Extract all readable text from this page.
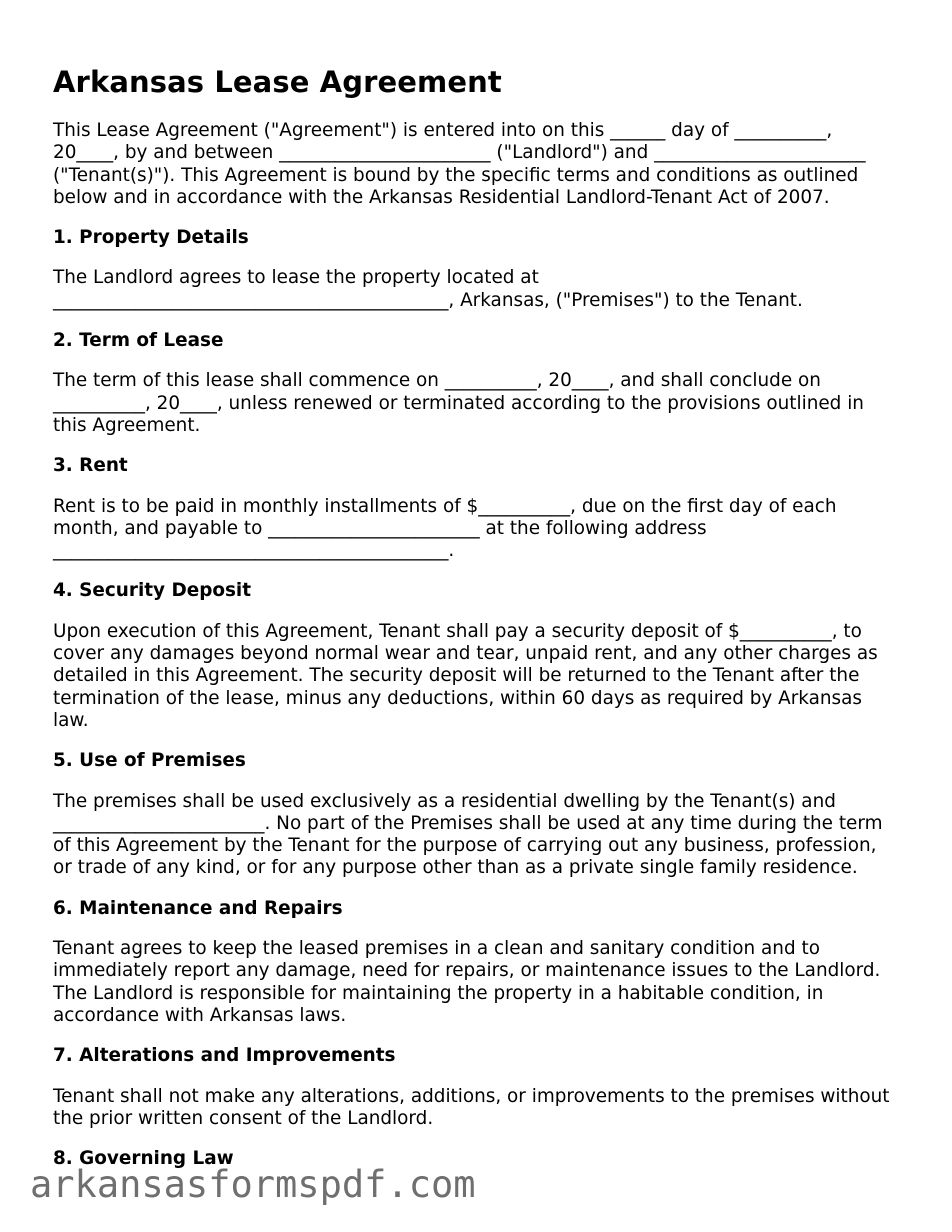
Arkansas Lease Agreement

This Lease Agreement ("Agreement") is entered into on this ______ day of __________,
20____, by and between _______________________ ("Landlord") and _______________________
("Tenant(s)"). This Agreement is bound by the specific terms and conditions as outlined
below and in accordance with the Arkansas Residential Landlord-Tenant Act of 2007.

1. Property Details

The Landlord agrees to lease the property located at
___________________________________________, Arkansas, ("Premises") to the Tenant.

2. Term of Lease

The term of this lease shall commence on __________, 20____, and shall conclude on
__________, 20____, unless renewed or terminated according to the provisions outlined in
this Agreement.

3. Rent

Rent is to be paid in monthly installments of $__________, due on the first day of each
month, and payable to _______________________ at the following address
___________________________________________.

4. Security Deposit

Upon execution of this Agreement, Tenant shall pay a security deposit of $__________, to
cover any damages beyond normal wear and tear, unpaid rent, and any other charges as
detailed in this Agreement. The security deposit will be returned to the Tenant after the
termination of the lease, minus any deductions, within 60 days as required by Arkansas
law.

5. Use of Premises

The premises shall be used exclusively as a residential dwelling by the Tenant(s) and
_______________________. No part of the Premises shall be used at any time during the term
of this Agreement by the Tenant for the purpose of carrying out any business, profession,
or trade of any kind, or for any purpose other than as a private single family residence.

6. Maintenance and Repairs

Tenant agrees to keep the leased premises in a clean and sanitary condition and to
immediately report any damage, need for repairs, or maintenance issues to the Landlord.
The Landlord is responsible for maintaining the property in a habitable condition, in
accordance with Arkansas laws.

7. Alterations and Improvements

Tenant shall not make any alterations, additions, or improvements to the premises without
the prior written consent of the Landlord.

8. Governing Law
arkansasformspdf.com
